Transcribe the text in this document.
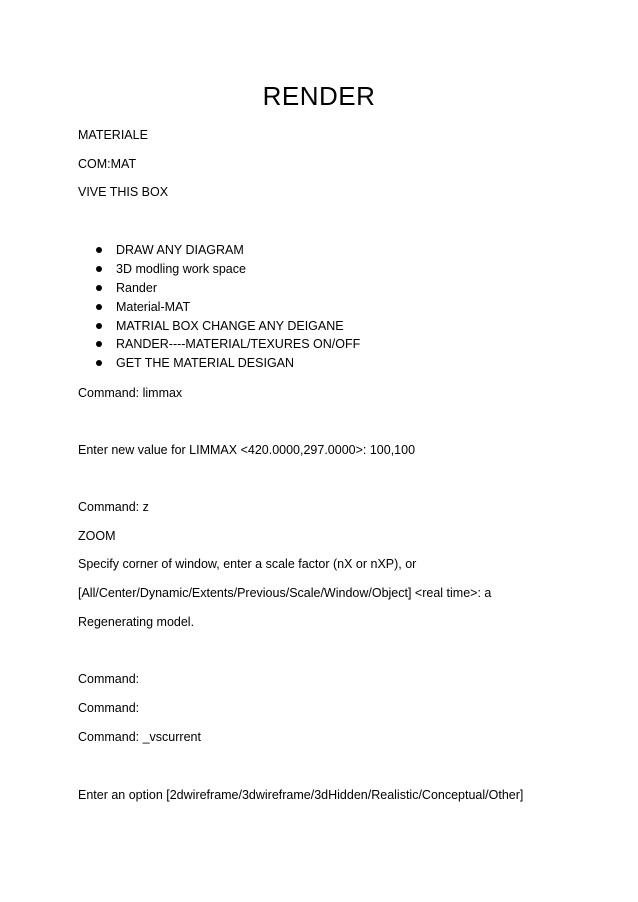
RENDER
MATERIALE
COM:MAT
VIVE THIS BOX
DRAW ANY DIAGRAM
3D modling work space
Rander
Material-MAT
MATRIAL BOX CHANGE ANY DEIGANE
RANDER----MATERIAL/TEXURES ON/OFF
GET THE MATERIAL DESIGAN
Command: limmax
Enter new value for LIMMAX <420.0000,297.0000>: 100,100
Command: z
ZOOM
Specify corner of window, enter a scale factor (nX or nXP), or
[All/Center/Dynamic/Extents/Previous/Scale/Window/Object] <real time>: a
Regenerating model.
Command:
Command:
Command: _vscurrent
Enter an option [2dwireframe/3dwireframe/3dHidden/Realistic/Conceptual/Other]
